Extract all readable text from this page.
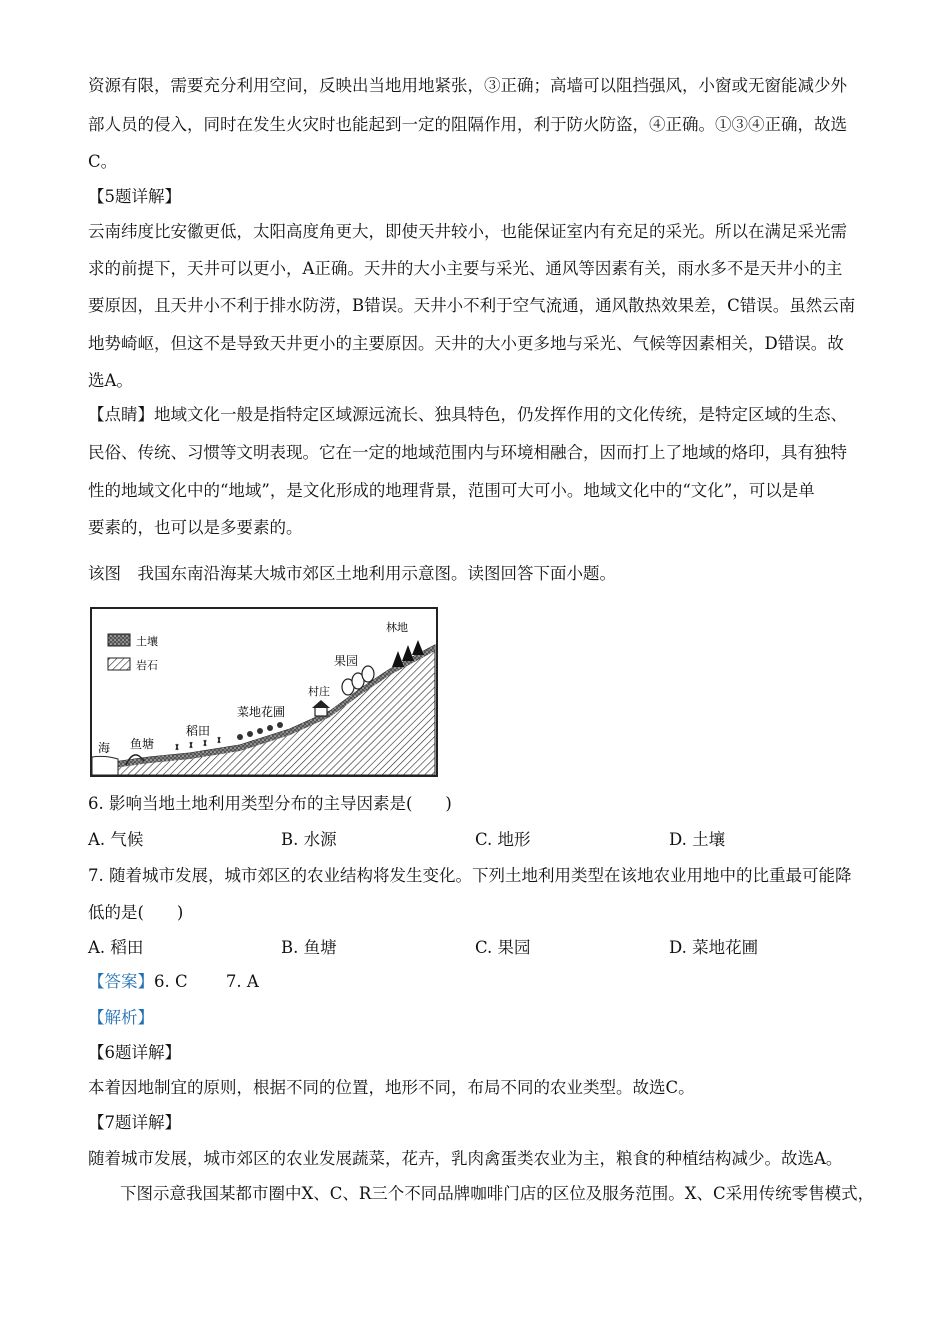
资源有限，需要充分利用空间，反映出当地用地紧张，③正确；高墙可以阻挡强风，小窗或无窗能减少外
部人员的侵入，同时在发生火灾时也能起到一定的阻隔作用，利于防火防盗，④正确。①③④正确，故选
C。
【5题详解】
云南纬度比安徽更低，太阳高度角更大，即使天井较小，也能保证室内有充足的采光。所以在满足采光需
求的前提下，天井可以更小，A正确。天井的大小主要与采光、通风等因素有关，雨水多不是天井小的主
要原因，且天井小不利于排水防涝，B错误。天井小不利于空气流通，通风散热效果差，C错误。虽然云南
地势崎岖，但这不是导致天井更小的主要原因。天井的大小更多地与采光、气候等因素相关，D错误。故
选A。
【点睛】地域文化一般是指特定区域源远流长、独具特色，仍发挥作用的文化传统，是特定区域的生态、
民俗、传统、习惯等文明表现。它在一定的地域范围内与环境相融合，因而打上了地域的烙印，具有独特
性的地域文化中的“地域”，是文化形成的地理背景，范围可大可小。地域文化中的“文化”，可以是单
要素的，也可以是多要素的。
该图　我国东南沿海某大城市郊区土地利用示意图。读图回答下面小题。
土壤
岩石
海 鱼塘
稻田
菜地花圃
村庄
果园
林地
6. 影响当地土地利用类型分布的主导因素是(　　)
A. 气候	B. 水源	C. 地形	D. 土壤
7. 随着城市发展，城市郊区的农业结构将发生变化。下列土地利用类型在该地农业用地中的比重最可能降
低的是(　　)
A. 稻田	B. 鱼塘	C. 果园	D. 菜地花圃
【答案】6. C　　 7. A
【解析】
【6题详解】
本着因地制宜的原则，根据不同的位置，地形不同，布局不同的农业类型。故选C。
【7题详解】
随着城市发展，城市郊区的农业发展蔬菜，花卉，乳肉禽蛋类农业为主，粮食的种植结构减少。故选A。
下图示意我国某都市圈中X、C、R三个不同品牌咖啡门店的区位及服务范围。X、C采用传统零售模式，
